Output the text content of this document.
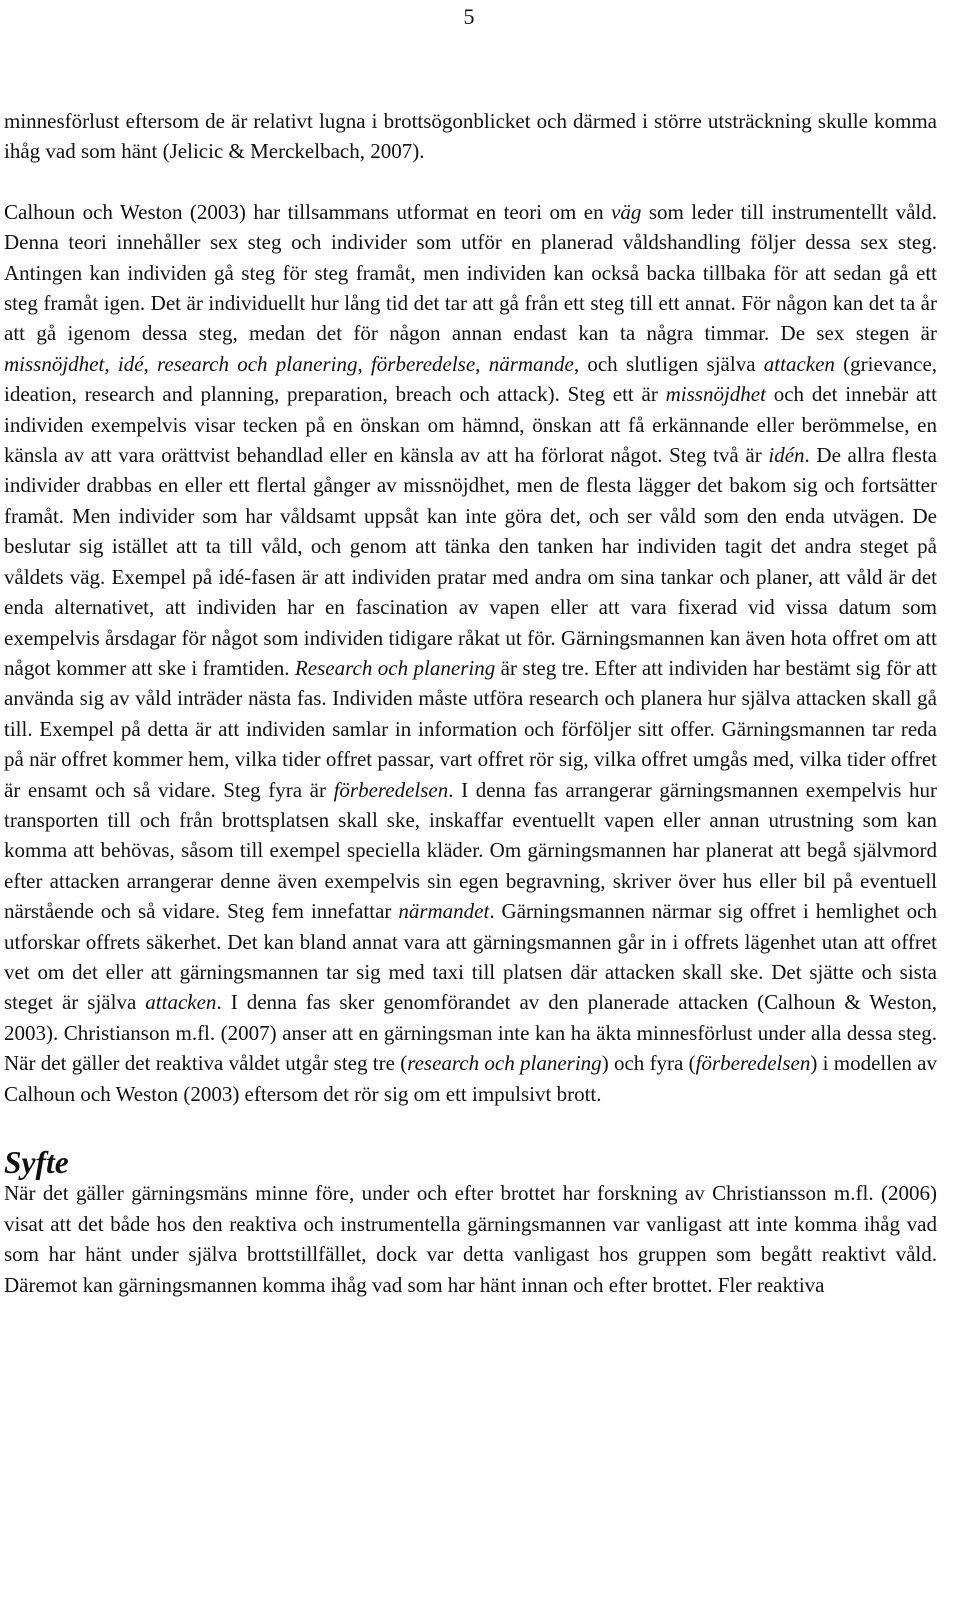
5

minnesförlust eftersom de är relativt lugna i brottsögonblicket och därmed i större utsträckning skulle komma ihåg vad som hänt (Jelicic & Merckelbach, 2007).

Calhoun och Weston (2003) har tillsammans utformat en teori om en väg som leder till instrumentellt våld. Denna teori innehåller sex steg och individer som utför en planerad våldshandling följer dessa sex steg. Antingen kan individen gå steg för steg framåt, men individen kan också backa tillbaka för att sedan gå ett steg framåt igen. Det är individuellt hur lång tid det tar att gå från ett steg till ett annat. För någon kan det ta år att gå igenom dessa steg, medan det för någon annan endast kan ta några timmar. De sex stegen är missnöjdhet, idé, research och planering, förberedelse, närmande, och slutligen själva attacken (grievance, ideation, research and planning, preparation, breach och attack). Steg ett är missnöjdhet och det innebär att individen exempelvis visar tecken på en önskan om hämnd, önskan att få erkännande eller berömmelse, en känsla av att vara orättvist behandlad eller en känsla av att ha förlorat något. Steg två är idén. De allra flesta individer drabbas en eller ett flertal gånger av missnöjdhet, men de flesta lägger det bakom sig och fortsätter framåt. Men individer som har våldsamt uppsåt kan inte göra det, och ser våld som den enda utvägen. De beslutar sig istället att ta till våld, och genom att tänka den tanken har individen tagit det andra steget på våldets väg. Exempel på idé-fasen är att individen pratar med andra om sina tankar och planer, att våld är det enda alternativet, att individen har en fascination av vapen eller att vara fixerad vid vissa datum som exempelvis årsdagar för något som individen tidigare råkat ut för. Gärningsmannen kan även hota offret om att något kommer att ske i framtiden. Research och planering är steg tre. Efter att individen har bestämt sig för att använda sig av våld inträder nästa fas. Individen måste utföra research och planera hur själva attacken skall gå till. Exempel på detta är att individen samlar in information och förföljer sitt offer. Gärningsmannen tar reda på när offret kommer hem, vilka tider offret passar, vart offret rör sig, vilka offret umgås med, vilka tider offret är ensamt och så vidare. Steg fyra är förberedelsen. I denna fas arrangerar gärningsmannen exempelvis hur transporten till och från brottsplatsen skall ske, inskaffar eventuellt vapen eller annan utrustning som kan komma att behövas, såsom till exempel speciella kläder. Om gärningsmannen har planerat att begå självmord efter attacken arrangerar denne även exempelvis sin egen begravning, skriver över hus eller bil på eventuell närstående och så vidare. Steg fem innefattar närmandet. Gärningsmannen närmar sig offret i hemlighet och utforskar offrets säkerhet. Det kan bland annat vara att gärningsmannen går in i offrets lägenhet utan att offret vet om det eller att gärningsmannen tar sig med taxi till platsen där attacken skall ske. Det sjätte och sista steget är själva attacken. I denna fas sker genomförandet av den planerade attacken (Calhoun & Weston, 2003). Christianson m.fl. (2007) anser att en gärningsman inte kan ha äkta minnesförlust under alla dessa steg. När det gäller det reaktiva våldet utgår steg tre (research och planering) och fyra (förberedelsen) i modellen av Calhoun och Weston (2003) eftersom det rör sig om ett impulsivt brott.

Syfte

När det gäller gärningsmäns minne före, under och efter brottet har forskning av Christiansson m.fl. (2006) visat att det både hos den reaktiva och instrumentella gärningsmannen var vanligast att inte komma ihåg vad som har hänt under själva brottstillfället, dock var detta vanligast hos gruppen som begått reaktivt våld. Däremot kan gärningsmannen komma ihåg vad som har hänt innan och efter brottet. Fler reaktiva
